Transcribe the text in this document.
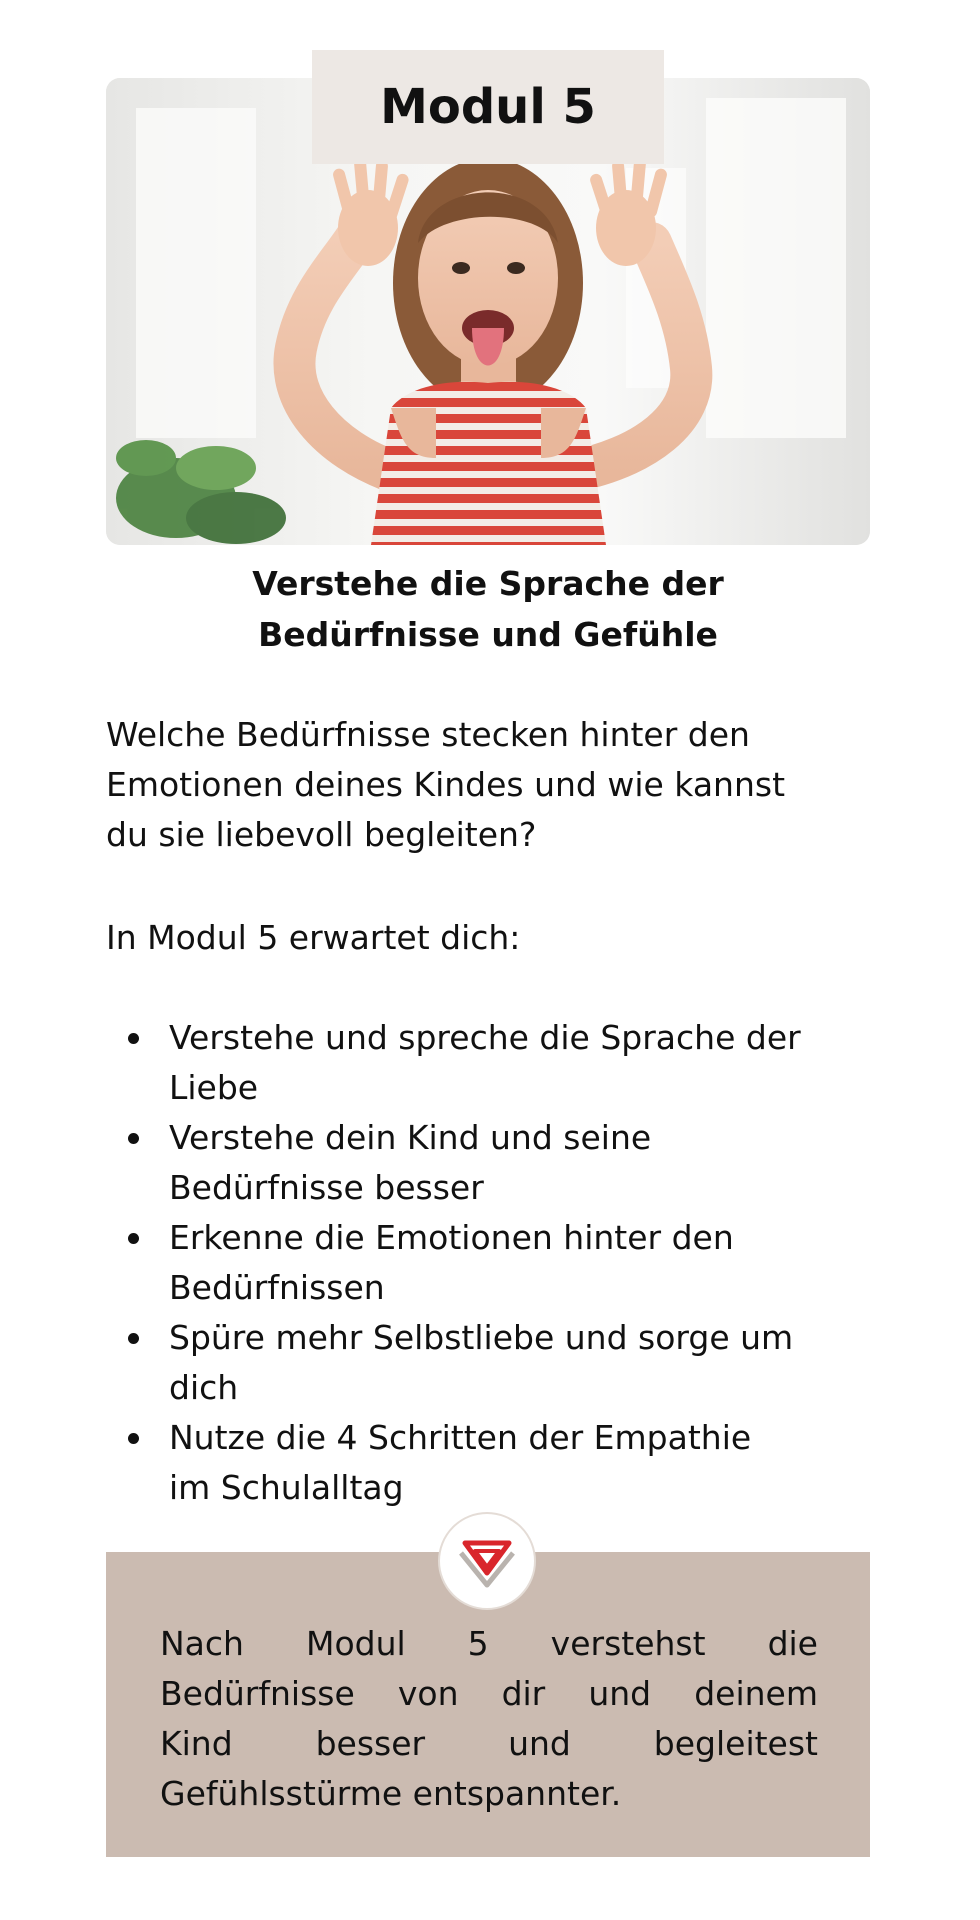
Modul 5
Verstehe die Sprache der
Bedürfnisse und Gefühle
Welche Bedürfnisse stecken hinter den
Emotionen deines Kindes und wie kannst
du sie liebevoll begleiten?
In Modul 5 erwartet dich:
Verstehe und spreche die Sprache der
Liebe
Verstehe dein Kind und seine
Bedürfnisse besser
Erkenne die Emotionen hinter den
Bedürfnissen
Spüre mehr Selbstliebe und sorge um
dich
Nutze die 4 Schritten der Empathie
im Schulalltag
Nach Modul 5 verstehst die
Bedürfnisse von dir und deinem
Kind	besser	und	begleitest
Gefühlsstürme entspannter.
